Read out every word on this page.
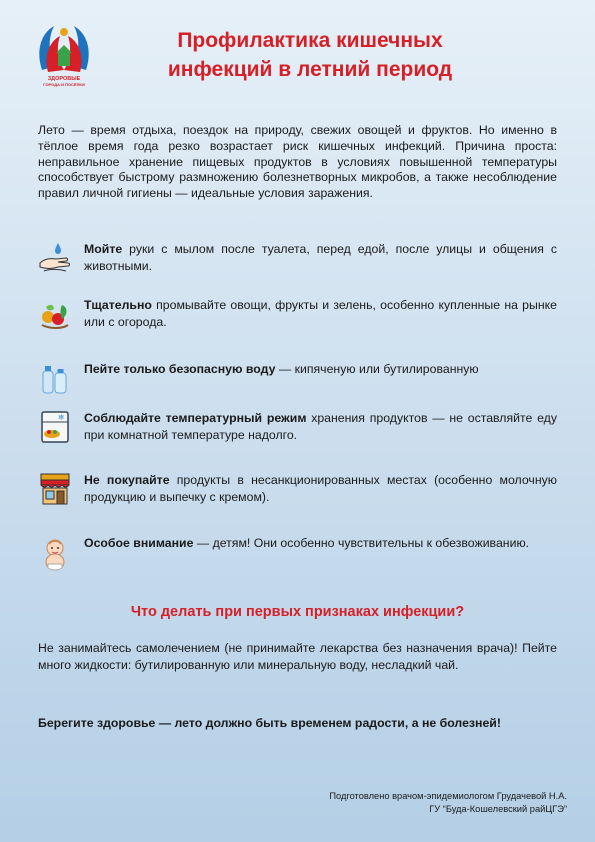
ЗДОРОВЫЕ
ГОРОДА И ПОСЁЛКИ
Профилактика кишечных
инфекций в летний период
Лето — время отдыха, поездок на природу, свежих овощей и фруктов. Но именно в тёплое время года резко возрастает риск кишечных инфекций. Причина проста: неправильное хранение пищевых продуктов в условиях повышенной температуры способствует быстрому размножению болезнетворных микробов, а также несоблюдение правил личной гигиены — идеальные условия заражения.
Мойте руки с мылом после туалета, перед едой, после улицы и общения с животными.
Тщательно промывайте овощи, фрукты и зелень, особенно купленные на рынке или с огорода.
Пейте только безопасную воду — кипяченую или бутилированную
❄ Соблюдайте температурный режим хранения продуктов — не оставляйте еду при комнатной температуре надолго.
Не покупайте продукты в несанкционированных местах (особенно молочную продукцию и выпечку с кремом).
Особое внимание — детям! Они особенно чувствительны к обезвоживанию.
Что делать при первых признаках инфекции?
Не занимайтесь самолечением (не принимайте лекарства без назначения врача)! Пейте много жидкости: бутилированную или минеральную воду, несладкий чай.
Берегите здоровье — лето должно быть временем радости, а не болезней!
Подготовлено врачом-эпидемиологом Грудачевой Н.А.
ГУ “Буда-Кошелевский райЦГЭ”
